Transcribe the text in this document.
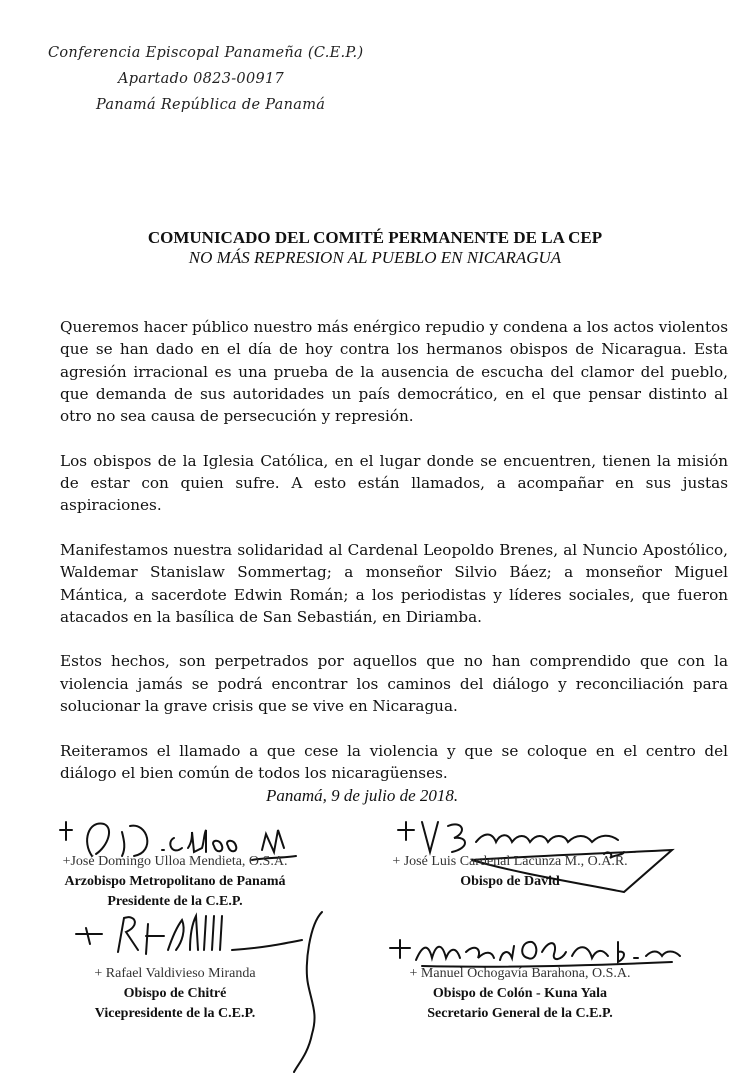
Conferencia Episcopal Panameña (C.E.P.)
Apartado 0823-00917
Panamá República de Panamá
COMUNICADO DEL COMITÉ PERMANENTE DE LA CEP
NO MÁS REPRESION AL PUEBLO EN NICARAGUA

Queremos hacer público nuestro más enérgico repudio y condena a los actos violentos que se han dado en el día de hoy contra los hermanos obispos de Nicaragua. Esta agresión irracional es una prueba de la ausencia de escucha del clamor del pueblo, que demanda de sus autoridades un país democrático, en el que pensar distinto al otro no sea causa de persecución y represión.

Los obispos de la Iglesia Católica, en el lugar donde se encuentren, tienen la misión de estar con quien sufre. A esto están llamados, a acompañar en sus justas aspiraciones.

Manifestamos nuestra solidaridad al Cardenal Leopoldo Brenes, al Nuncio Apostólico, Waldemar Stanislaw Sommertag; a monseñor Silvio Báez; a monseñor Miguel Mántica, a sacerdote Edwin Román; a los periodistas y líderes sociales, que fueron atacados en la basílica de San Sebastián, en Diriamba.

Estos hechos, son perpetrados por aquellos que no han comprendido que con la violencia jamás se podrá encontrar los caminos del diálogo y reconciliación para solucionar la grave crisis que se vive en Nicaragua.

Reiteramos el llamado a que cese la violencia y que se coloque en el centro del diálogo el bien común de todos los nicaragüenses.

Panamá, 9 de julio de 2018.
+José Domingo Ulloa Mendieta, O.S.A.
Arzobispo Metropolitano de Panamá
Presidente de la C.E.P.
+ José Luis Cardenal Lacunza M., O.A.R.
Obispo de David
+ Rafael Valdivieso Miranda
Obispo de Chitré
Vicepresidente de la C.E.P.
+ Manuel Ochogavía Barahona, O.S.A.
Obispo de Colón - Kuna Yala
Secretario General de la C.E.P.
